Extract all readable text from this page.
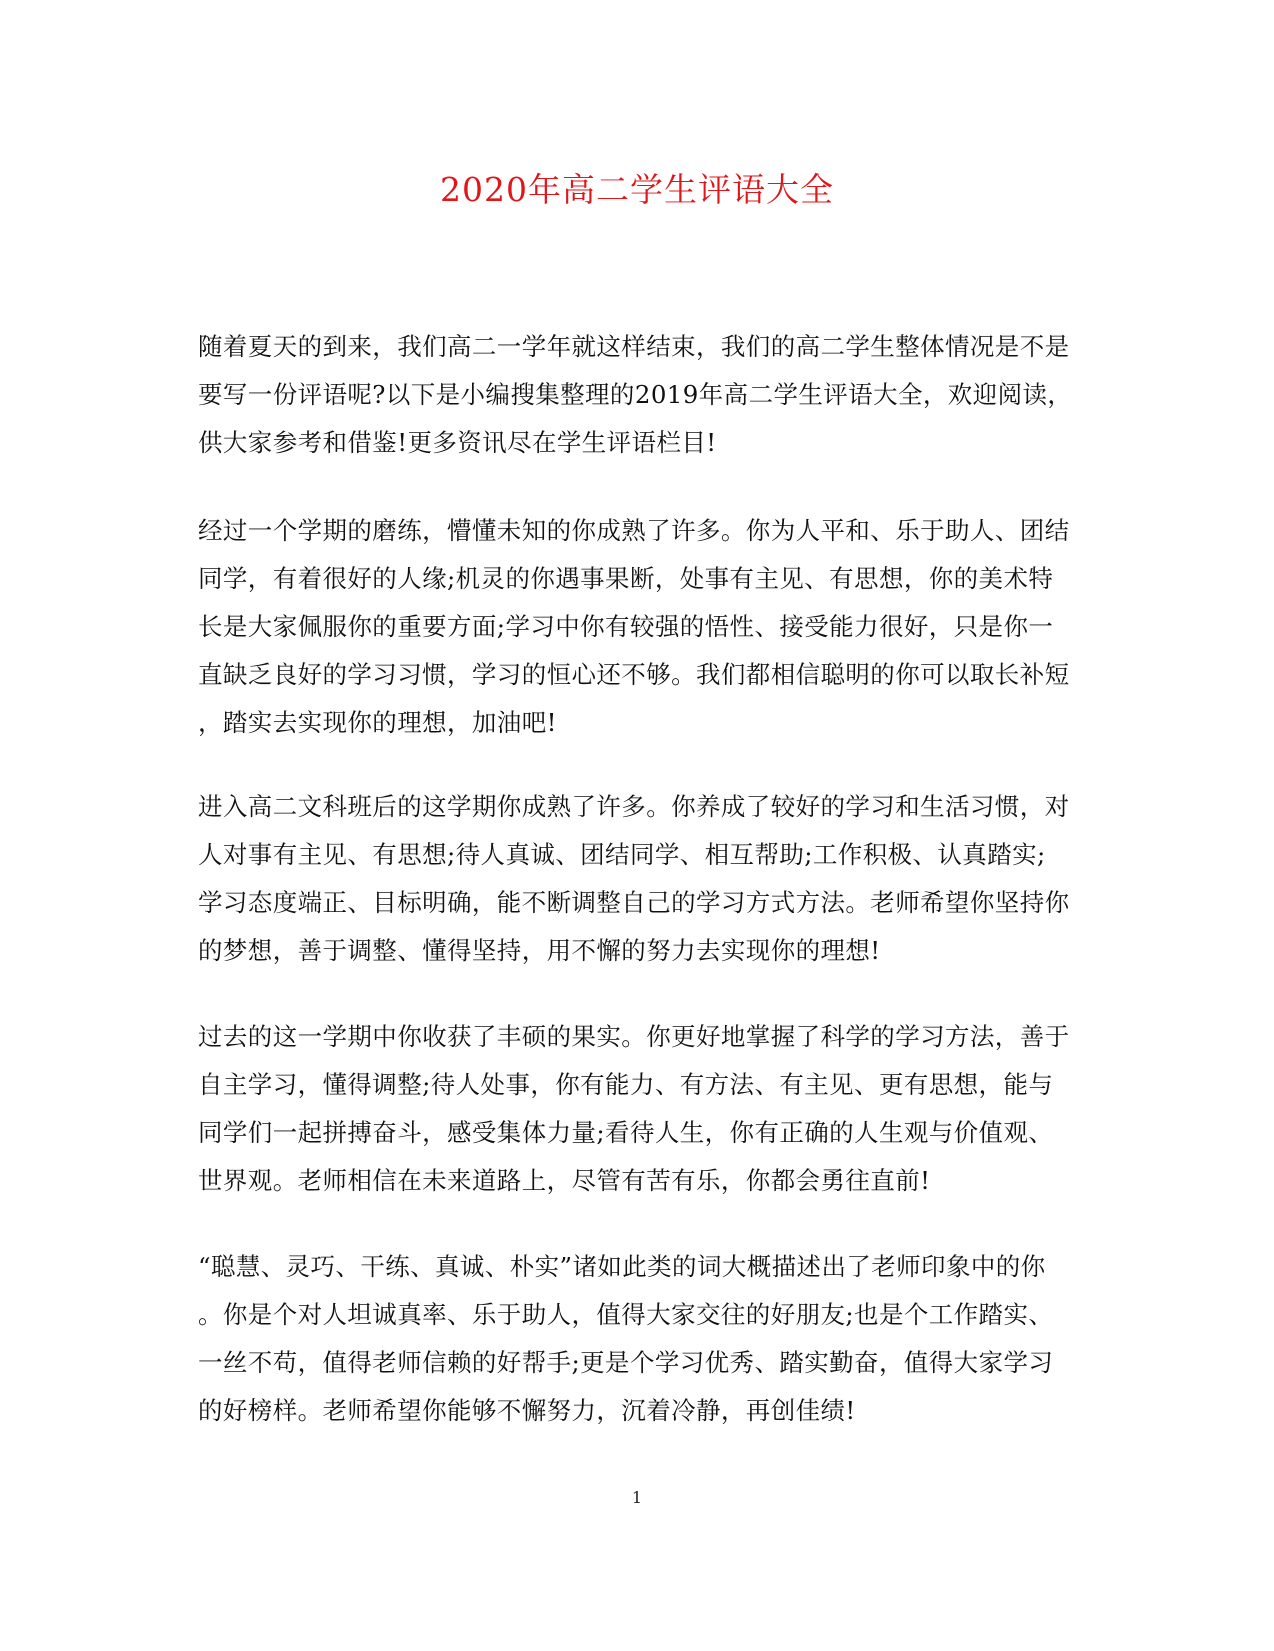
2020年高二学生评语大全
随着夏天的到来，我们高二一学年就这样结束，我们的高二学生整体情况是不是
要写一份评语呢?以下是小编搜集整理的2019年高二学生评语大全，欢迎阅读，
供大家参考和借鉴!更多资讯尽在学生评语栏目!
经过一个学期的磨练，懵懂未知的你成熟了许多。你为人平和、乐于助人、团结
同学，有着很好的人缘;机灵的你遇事果断，处事有主见、有思想，你的美术特
长是大家佩服你的重要方面;学习中你有较强的悟性、接受能力很好，只是你一
直缺乏良好的学习习惯，学习的恒心还不够。我们都相信聪明的你可以取长补短
，踏实去实现你的理想，加油吧!
进入高二文科班后的这学期你成熟了许多。你养成了较好的学习和生活习惯，对
人对事有主见、有思想;待人真诚、团结同学、相互帮助;工作积极、认真踏实;
学习态度端正、目标明确，能不断调整自己的学习方式方法。老师希望你坚持你
的梦想，善于调整、懂得坚持，用不懈的努力去实现你的理想!
过去的这一学期中你收获了丰硕的果实。你更好地掌握了科学的学习方法，善于
自主学习，懂得调整;待人处事，你有能力、有方法、有主见、更有思想，能与
同学们一起拼搏奋斗，感受集体力量;看待人生，你有正确的人生观与价值观、
世界观。老师相信在未来道路上，尽管有苦有乐，你都会勇往直前!
“聪慧、灵巧、干练、真诚、朴实”诸如此类的词大概描述出了老师印象中的你
。你是个对人坦诚真率、乐于助人，值得大家交往的好朋友;也是个工作踏实、
一丝不苟，值得老师信赖的好帮手;更是个学习优秀、踏实勤奋，值得大家学习
的好榜样。老师希望你能够不懈努力，沉着冷静，再创佳绩!
1
